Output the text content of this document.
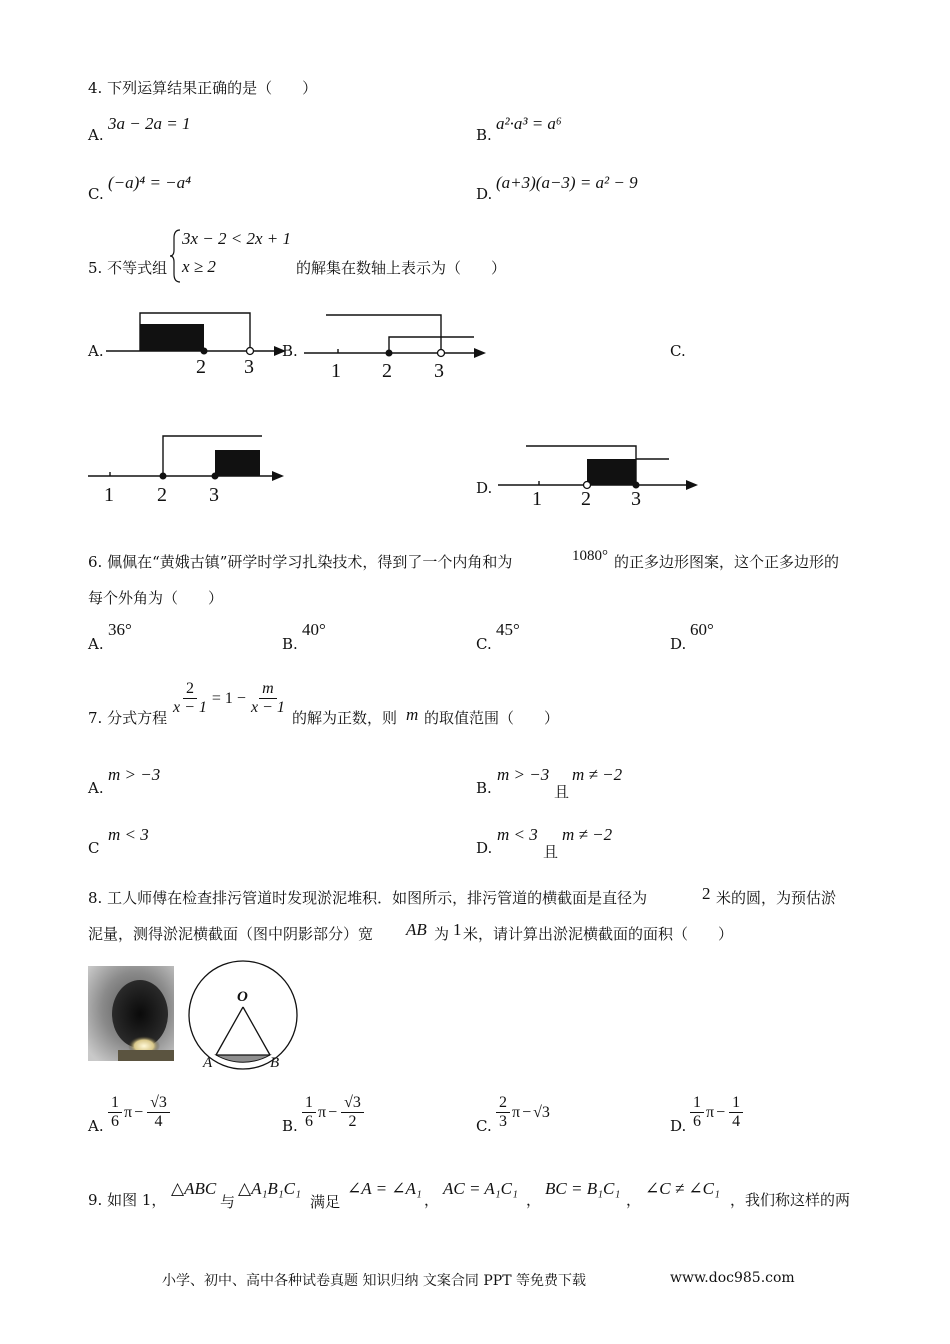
4. 下列运算结果正确的是（　　）
A.
3a − 2a = 1
B.
a²·a³ = a⁶
C.
(−a)⁴ = −a⁴
D.
(a+3)(a−3) = a² − 9
5. 不等式组
3x − 2 < 2x + 1
x ≥ 2	的解集在数轴上表示为（　　）
A.
2 3
B.
1 2 3
C.
1 2 3	D. 1 2 3
6. 佩佩在“黄娥古镇”研学时学习扎染技术，得到了一个内角和为	1080° 的正多边形图案，这个正多边形的
每个外角为（　　）
A.
36°
B.
40°
C.
45°
D.
60°
7. 分式方程
$\frac{2}{x - 1} = 1 - \frac{m}{x - 1}$
的解为正数，则 m 的取值范围（　　）
A.
m > −3
B.
m > −3
且
m ≠ −2
C
m < 3
D.
m < 3
且
m ≠ −2
8. 工人师傅在检查排污管道时发现淤泥堆积．如图所示，排污管道的横截面是直径为	2 米的圆，为预估淤
泥量，测得淤泥横截面（图中阴影部分）宽 AB 为 1 米，请计算出淤泥横截面的面积（　　）
O
A	B
A. $\frac{1}{6}$ $\pi - \frac{√3}{4}$	B. $\frac{1}{6}$ $\pi - \frac{√3}{2}$	C. $\frac{2}{3}$ π − √3
D. $\frac{1}{6}$ $\pi - \frac{1}{4}$
9. 如图 1，
△ABC
与
△A₁B₁C₁
满足
∠A = ∠A₁
，
AC = A₁C₁
，
BC = B₁C₁
，
∠C ≠ ∠C₁
，我们称这样的两
小学、初中、高中各种试卷真题 知识归纳 文案合同 PPT 等免费下载	www.doc985.com
